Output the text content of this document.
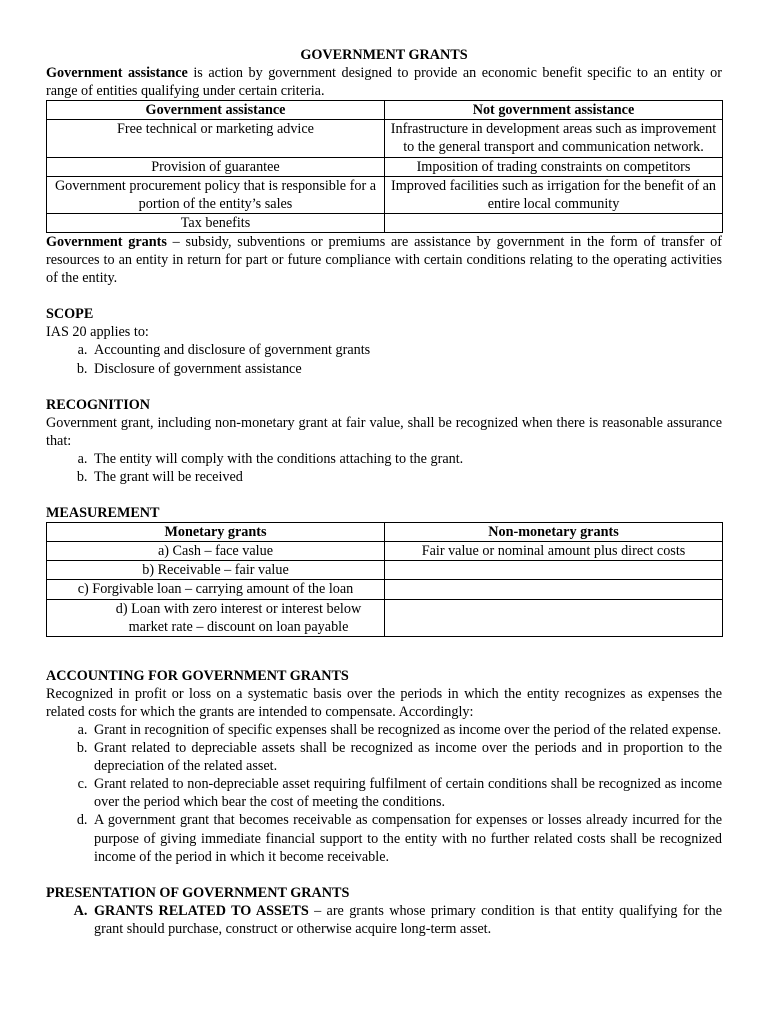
GOVERNMENT GRANTS
Government assistance is action by government designed to provide an economic benefit specific to an entity or range of entities qualifying under certain criteria.
Government assistance	Not government assistance
Free technical or marketing advice	Infrastructure in development areas such as improvement to the general transport and communication network.
Provision of guarantee	Imposition of trading constraints on competitors
Government procurement policy that is responsible for a portion of the entity’s sales	Improved facilities such as irrigation for the benefit of an entire local community
Tax benefits	
Government grants – subsidy, subventions or premiums are assistance by government in the form of transfer of resources to an entity in return for part or future compliance with certain conditions relating to the operating activities of the entity.
SCOPE
IAS 20 applies to:
a. Accounting and disclosure of government grants
b. Disclosure of government assistance
RECOGNITION
Government grant, including non-monetary grant at fair value, shall be recognized when there is reasonable assurance that:
a. The entity will comply with the conditions attaching to the grant.
b. The grant will be received
MEASUREMENT
Monetary grants	Non-monetary grants
a) Cash – face value	Fair value or nominal amount plus direct costs
b) Receivable – fair value	
c) Forgivable loan – carrying amount of the loan	
d) Loan with zero interest or interest below market rate – discount on loan payable	
ACCOUNTING FOR GOVERNMENT GRANTS
Recognized in profit or loss on a systematic basis over the periods in which the entity recognizes as expenses the related costs for which the grants are intended to compensate. Accordingly:
a. Grant in recognition of specific expenses shall be recognized as income over the period of the related expense.
b. Grant related to depreciable assets shall be recognized as income over the periods and in proportion to the depreciation of the related asset.
c. Grant related to non-depreciable asset requiring fulfilment of certain conditions shall be recognized as income over the period which bear the cost of meeting the conditions.
d. A government grant that becomes receivable as compensation for expenses or losses already incurred for the purpose of giving immediate financial support to the entity with no further related costs shall be recognized income of the period in which it become receivable.
PRESENTATION OF GOVERNMENT GRANTS
A. GRANTS RELATED TO ASSETS – are grants whose primary condition is that entity qualifying for the grant should purchase, construct or otherwise acquire long-term asset.
